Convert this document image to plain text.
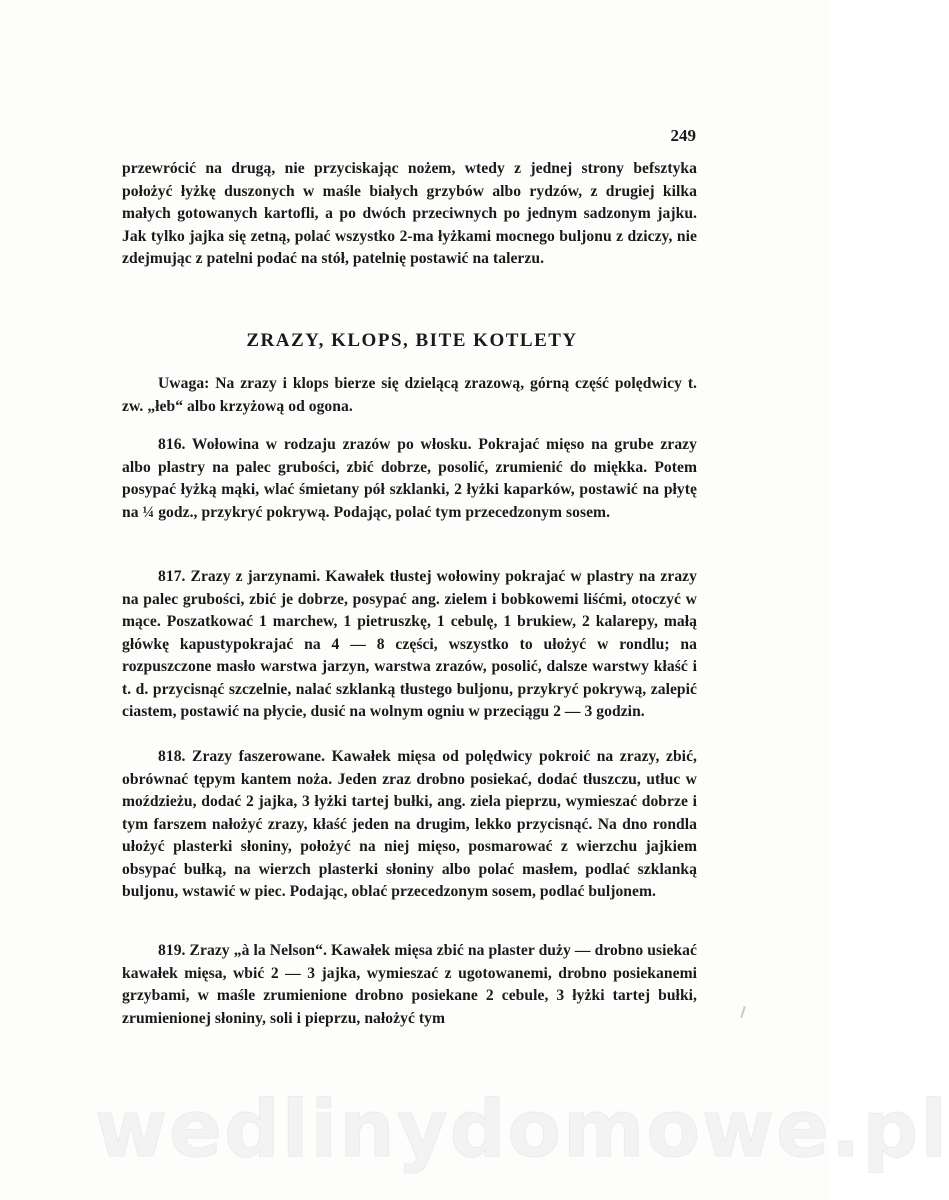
249

przewrócić na drugą, nie przyciskając nożem, wtedy z jednej strony befsztyka położyć łyżkę duszonych w maśle białych grzybów albo rydzów, z drugiej kilka małych gotowanych kartofli, a po dwóch przeciwnych po jednym sadzonym jajku. Jak tylko jajka się zetną, polać wszystko 2-ma łyżkami mocnego buljonu z dziczy, nie zdejmując z patelni podać na stół, patelnię postawić na talerzu.

ZRAZY, KLOPS, BITE KOTLETY

Uwaga: Na zrazy i klops bierze się dzielącą zrazową, górną część polędwicy t. zw. „łeb“ albo krzyżową od ogona.

816. Wołowina w rodzaju zrazów po włosku. Pokrajać mięso na grube zrazy albo plastry na palec grubości, zbić dobrze, posolić, zrumienić do miękka. Potem posypać łyżką mąki, wlać śmietany pół szklanki, 2 łyżki kaparków, postawić na płytę na ¼ godz., przykryć pokrywą. Podając, polać tym przecedzonym sosem.

817. Zrazy z jarzynami. Kawałek tłustej wołowiny pokrajać w plastry na zrazy na palec grubości, zbić je dobrze, posypać ang. zielem i bobkowemi liśćmi, otoczyć w mące. Poszatkować 1 marchew, 1 pietruszkę, 1 cebulę, 1 brukiew, 2 kalarepy, małą główkę kapustypokrajać na 4 — 8 części, wszystko to ułożyć w rondlu; na rozpuszczone masło warstwa jarzyn, warstwa zrazów, posolić, dalsze warstwy kłaść i t. d. przycisnąć szczelnie, nalać szklanką tłustego buljonu, przykryć pokrywą, zalepić ciastem, postawić na płycie, dusić na wolnym ogniu w przeciągu 2 — 3 godzin.

818. Zrazy faszerowane. Kawałek mięsa od polędwicy pokroić na zrazy, zbić, obrównać tępym kantem noża. Jeden zraz drobno posiekać, dodać tłuszczu, utłuc w moździeżu, dodać 2 jajka, 3 łyżki tartej bułki, ang. ziela pieprzu, wymieszać dobrze i tym farszem nałożyć zrazy, kłaść jeden na drugim, lekko przycisnąć. Na dno rondla ułożyć plasterki słoniny, położyć na niej mięso, posmarować z wierzchu jajkiem obsypać bułką, na wierzch plasterki słoniny albo polać masłem, podlać szklanką buljonu, wstawić w piec. Podając, oblać przecedzonym sosem, podlać buljonem.

819. Zrazy „à la Nelson“. Kawałek mięsa zbić na plaster duży — drobno usiekać kawałek mięsa, wbić 2 — 3 jajka, wymieszać z ugotowanemi, drobno posiekanemi grzybami, w maśle zrumienione drobno posiekane 2 cebule, 3 łyżki tartej bułki, zrumienionej słoniny, soli i pieprzu, nałożyć tym

wedlinydomowe.pl
